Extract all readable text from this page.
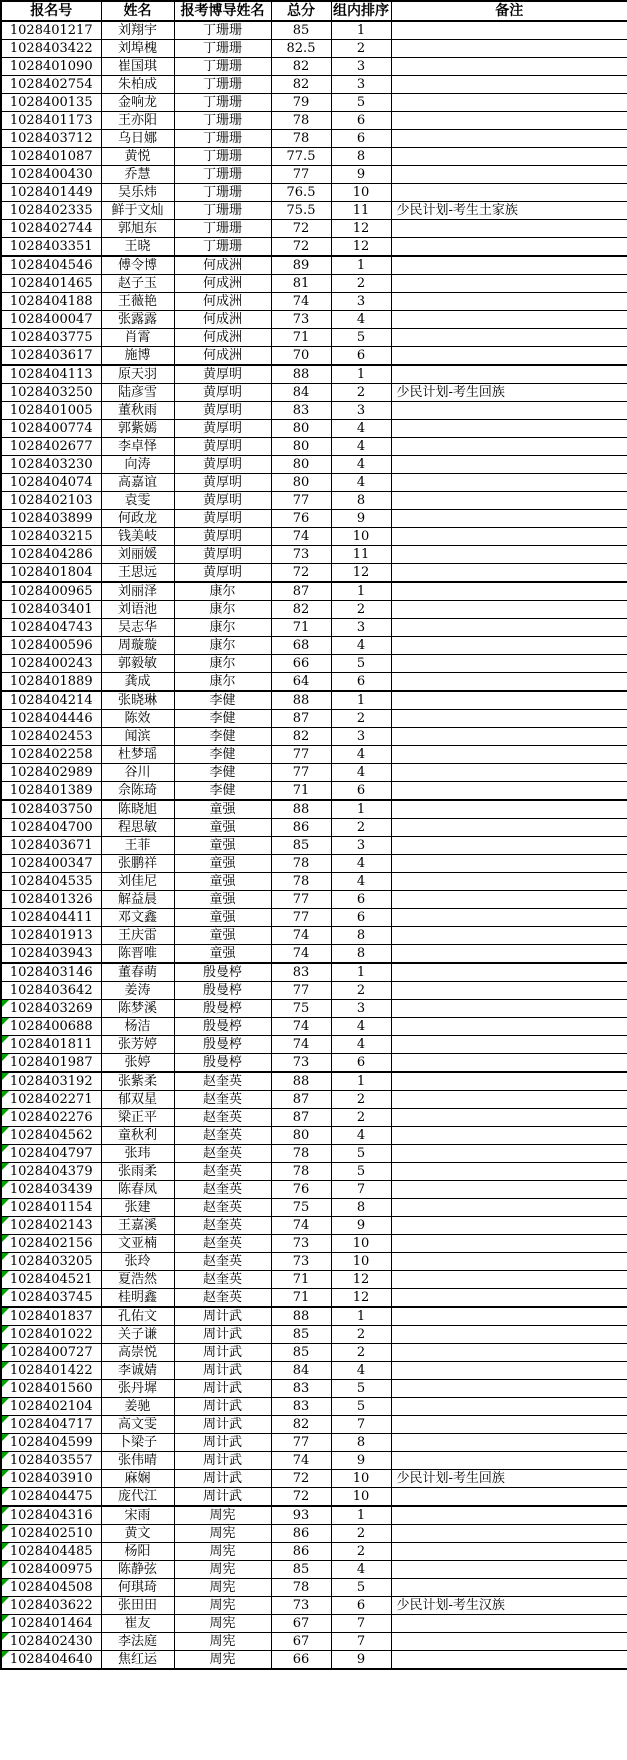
报名号	姓名	报考博导姓名	总分	组内排序	备注
1028401217	刘翔宇	丁珊珊	85	1	
1028403422	刘埠槐	丁珊珊	82.5	2	
1028401090	崔国琪	丁珊珊	82	3	
1028402754	朱柏成	丁珊珊	82	3	
1028400135	金响龙	丁珊珊	79	5	
1028401173	王亦阳	丁珊珊	78	6	
1028403712	乌日娜	丁珊珊	78	6	
1028401087	黄悦	丁珊珊	77.5	8	
1028400430	乔慧	丁珊珊	77	9	
1028401449	吴乐炜	丁珊珊	76.5	10	
1028402335	鲜于文灿	丁珊珊	75.5	11	少民计划-考生土家族
1028402744	郭旭东	丁珊珊	72	12	
1028403351	王晓	丁珊珊	72	12	
1028404546	傅令博	何成洲	89	1	
1028401465	赵子玉	何成洲	81	2	
1028404188	王薇艳	何成洲	74	3	
1028400047	张露露	何成洲	73	4	
1028403775	肖霄	何成洲	71	5	
1028403617	施博	何成洲	70	6	
1028404113	原天羽	黄厚明	88	1	
1028403250	陆彦雪	黄厚明	84	2	少民计划-考生回族
1028401005	董秋雨	黄厚明	83	3	
1028400774	郭紫嫣	黄厚明	80	4	
1028402677	李卓怿	黄厚明	80	4	
1028403230	向涛	黄厚明	80	4	
1028404074	高嘉谊	黄厚明	80	4	
1028402103	袁雯	黄厚明	77	8	
1028403899	何政龙	黄厚明	76	9	
1028403215	钱美岐	黄厚明	74	10	
1028404286	刘丽媛	黄厚明	73	11	
1028401804	王思远	黄厚明	72	12	
1028400965	刘丽泽	康尔	87	1	
1028403401	刘语池	康尔	82	2	
1028404743	吴志华	康尔	71	3	
1028400596	周璇璇	康尔	68	4	
1028400243	郭毅敏	康尔	66	5	
1028401889	龚成	康尔	64	6	
1028404214	张晓琳	李健	88	1	
1028404446	陈效	李健	87	2	
1028402453	闻滨	李健	82	3	
1028402258	杜梦瑶	李健	77	4	
1028402989	谷川	李健	77	4	
1028401389	佘陈琦	李健	71	6	
1028403750	陈晓旭	童强	88	1	
1028404700	程思敏	童强	86	2	
1028403671	王菲	童强	85	3	
1028400347	张鹏祥	童强	78	4	
1028404535	刘佳尼	童强	78	4	
1028401326	解益晨	童强	77	6	
1028404411	邓文鑫	童强	77	6	
1028401913	王庆雷	童强	74	8	
1028403943	陈晋唯	童强	74	8	
1028403146	董春萌	殷曼楟	83	1	
1028403642	姜涛	殷曼楟	77	2	
1028403269	陈梦溪	殷曼楟	75	3	
1028400688	杨洁	殷曼楟	74	4	
1028401811	张芳婷	殷曼楟	74	4	
1028401987	张婷	殷曼楟	73	6	
1028403192	张紫柔	赵奎英	88	1	
1028402271	郁双星	赵奎英	87	2	
1028402276	梁正平	赵奎英	87	2	
1028404562	童秋利	赵奎英	80	4	
1028404797	张玮	赵奎英	78	5	
1028404379	张雨柔	赵奎英	78	5	
1028403439	陈春凤	赵奎英	76	7	
1028401154	张建	赵奎英	75	8	
1028402143	王嘉溪	赵奎英	74	9	
1028402156	文亚楠	赵奎英	73	10	
1028403205	张玲	赵奎英	73	10	
1028404521	夏浩然	赵奎英	71	12	
1028403745	桂明鑫	赵奎英	71	12	
1028401837	孔佑文	周计武	88	1	
1028401022	关子谦	周计武	85	2	
1028400727	高崇悦	周计武	85	2	
1028401422	李诚婧	周计武	84	4	
1028401560	张丹墀	周计武	83	5	
1028402104	姜驰	周计武	83	5	
1028404717	高文雯	周计武	82	7	
1028404599	卜梁子	周计武	77	8	
1028403557	张伟晴	周计武	74	9	
1028403910	麻娴	周计武	72	10	少民计划-考生回族
1028404475	庞代江	周计武	72	10	
1028404316	宋雨	周宪	93	1	
1028402510	黄文	周宪	86	2	
1028404485	杨阳	周宪	86	2	
1028400975	陈静弦	周宪	85	4	
1028404508	何琪琦	周宪	78	5	
1028403622	张田田	周宪	73	6	少民计划-考生汉族
1028401464	崔友	周宪	67	7	
1028402430	李法庭	周宪	67	7	
1028404640	焦红运	周宪	66	9	
